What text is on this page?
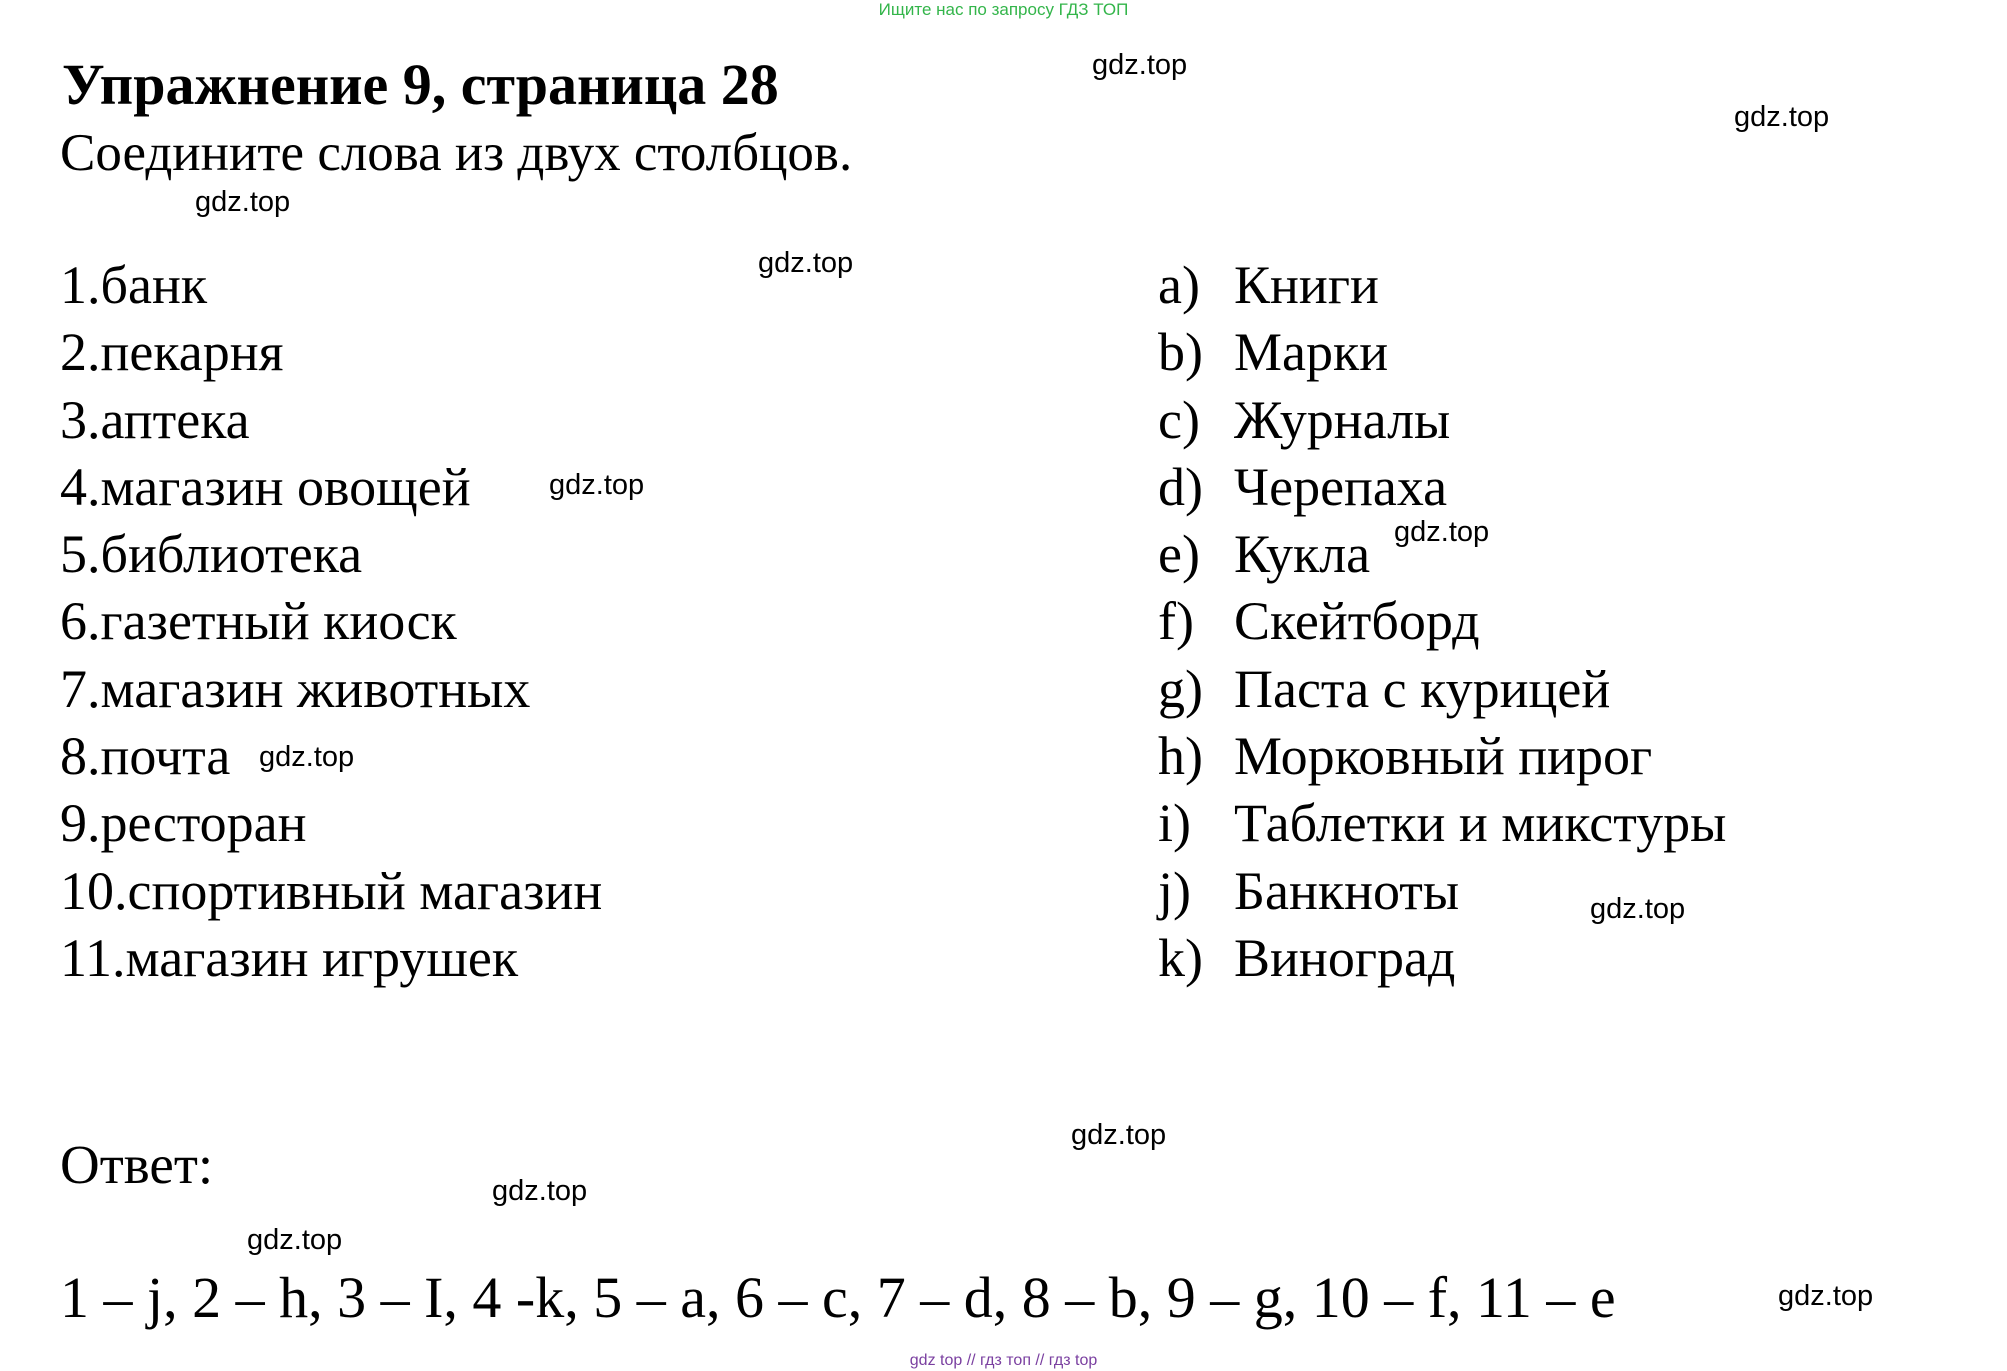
Ищите нас по запросу ГДЗ ТОП
Упражнение 9, страница 28
Соедините слова из двух столбцов.
1.банк
2.пекарня
3.аптека
4.магазин овощей
5.библиотека
6.газетный киоск
7.магазин животных
8.почта
9.ресторан
10.спортивный магазин
11.магазин игрушек
a) Книги
b) Марки
c) Журналы
d) Черепаха
e) Кукла
f) Скейтборд
g) Паста с курицей
h) Морковный пирог
i) Таблетки и микстуры
j) Банкноты
k) Виноград
Ответ:
1 – j, 2 – h, 3 – I, 4 -k, 5 – a, 6 – c, 7 – d, 8 – b, 9 – g, 10 – f, 11 – e
gdz.top
gdz.top
gdz.top
gdz.top
gdz.top
gdz.top
gdz.top
gdz.top
gdz.top
gdz.top
gdz.top
gdz.top
gdz top // гдз топ // гдз top
